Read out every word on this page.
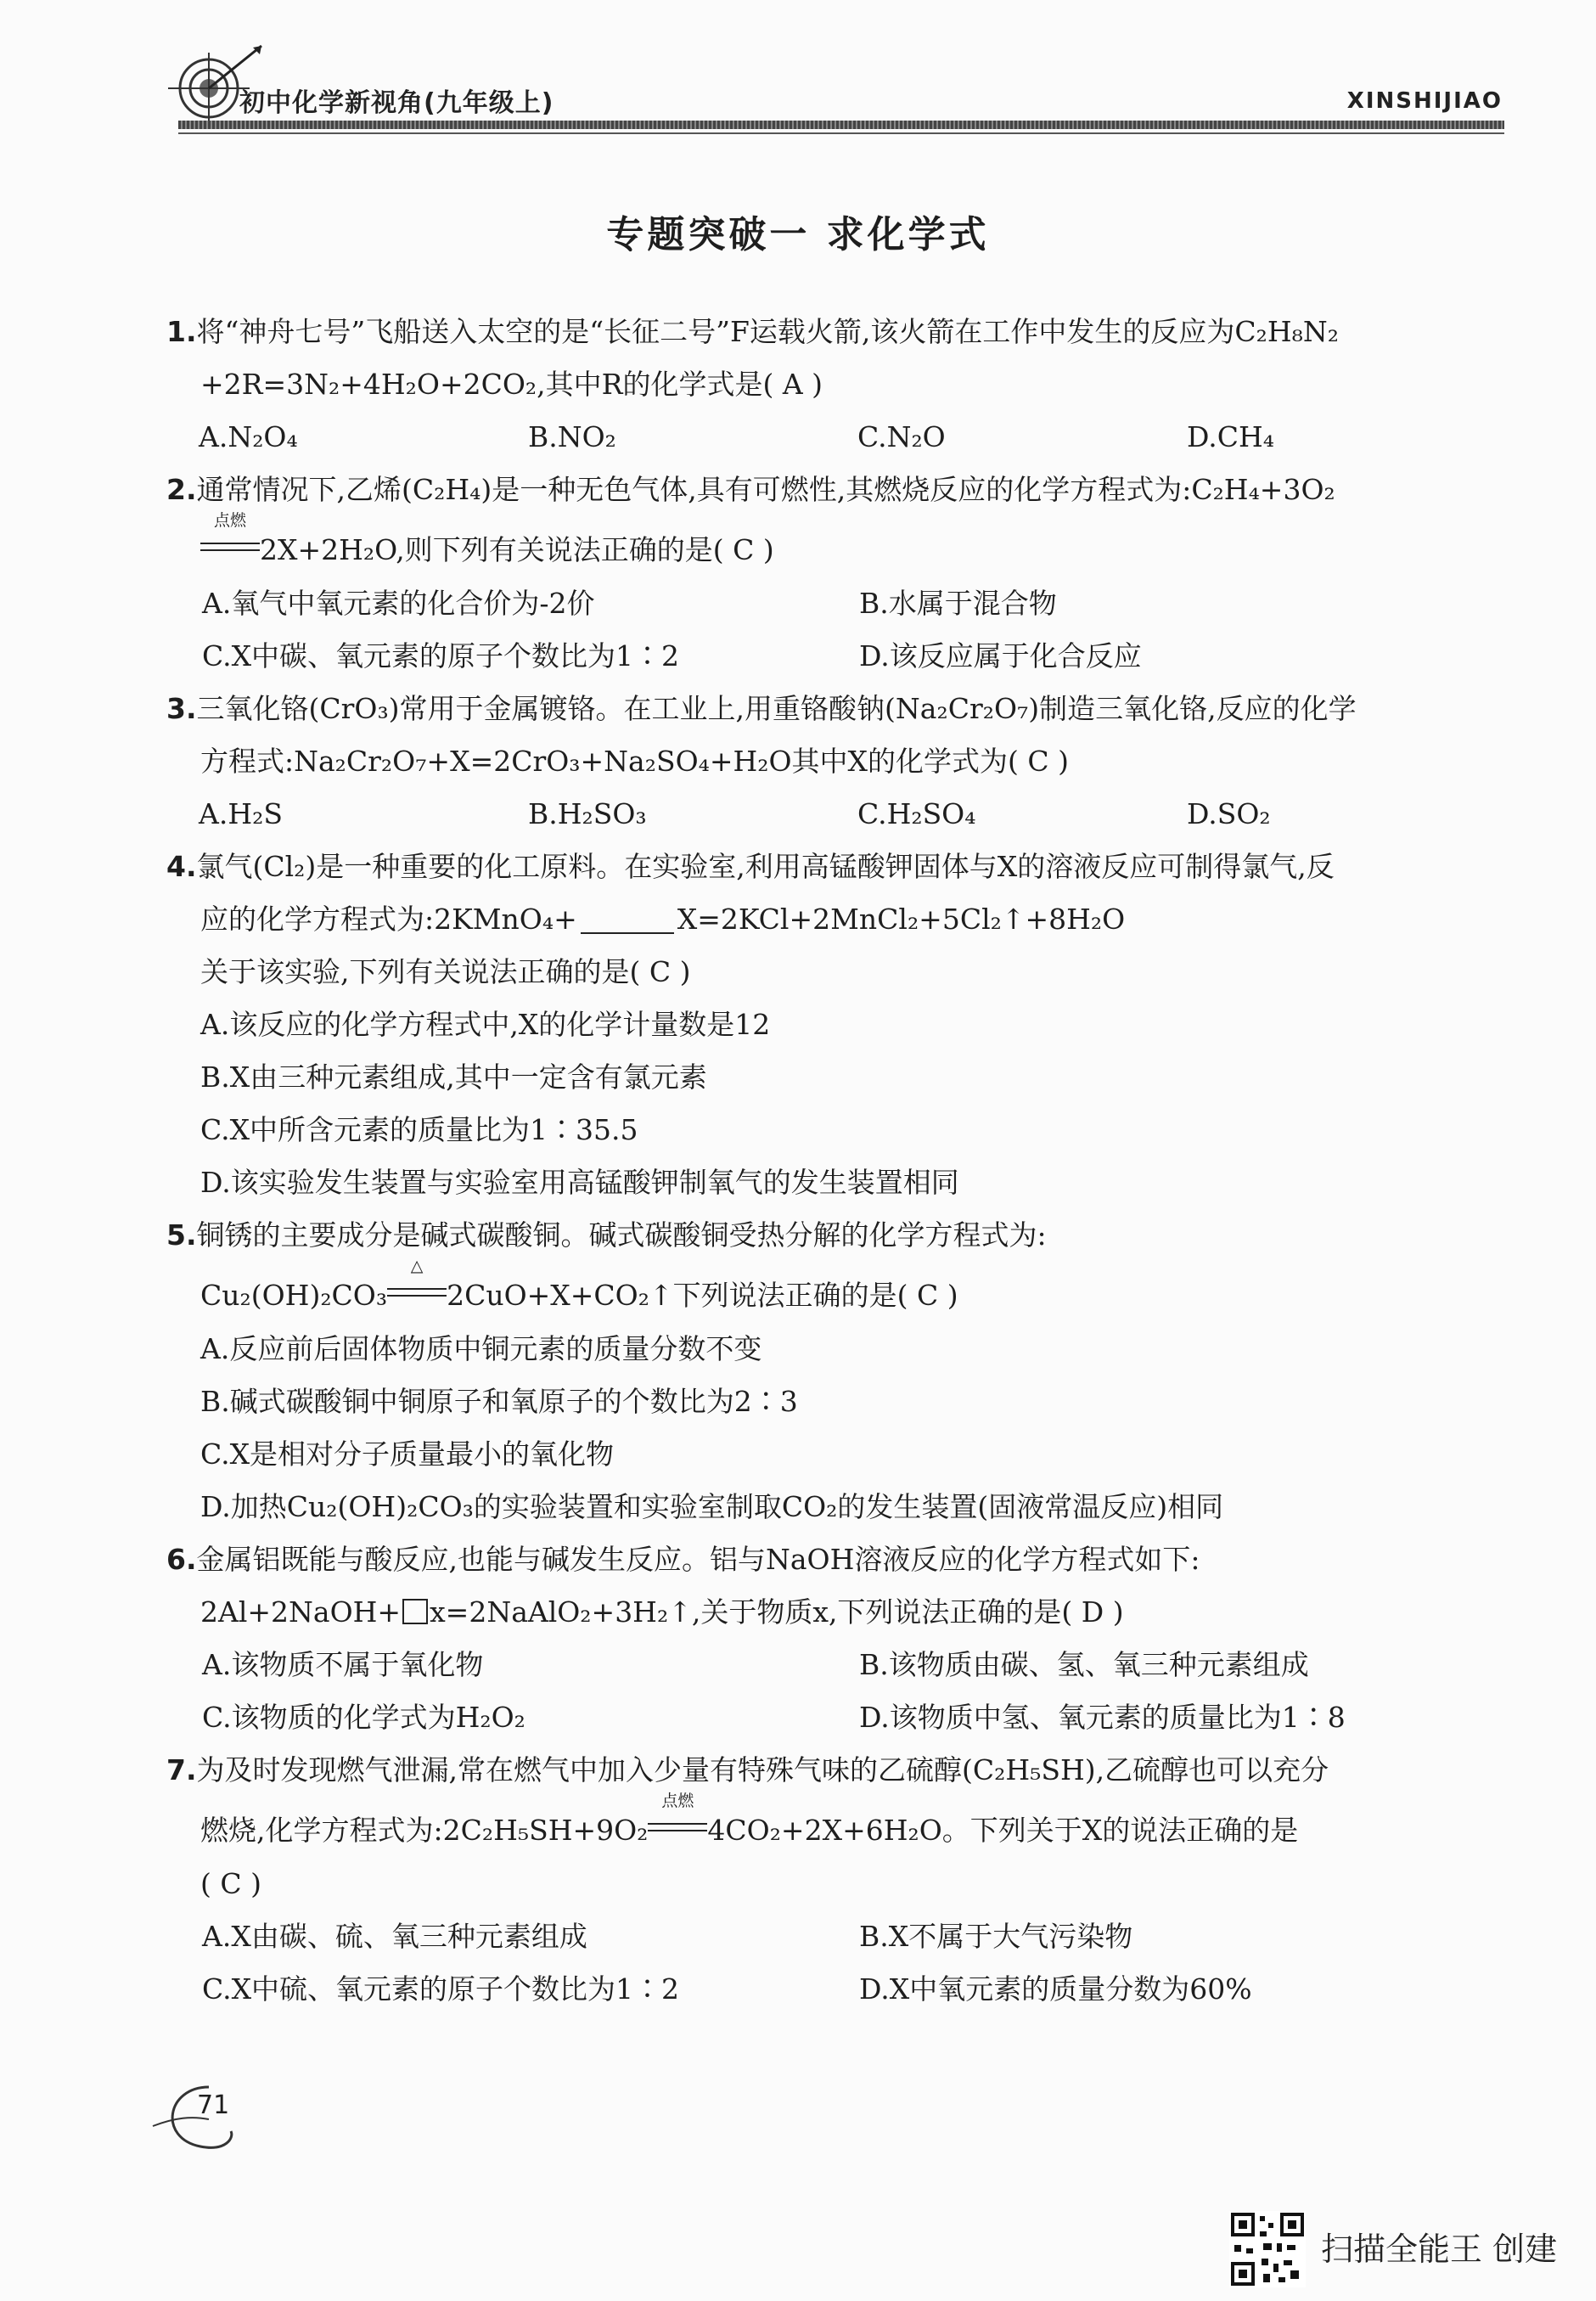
初中化学新视角(九年级上)	XINSHIJIAO
专题突破一 求化学式
1.将“神舟七号”飞船送入太空的是“长征二号”F运载火箭,该火箭在工作中发生的反应为C₂H₈N₂
+2R=3N₂+4H₂O+2CO₂,其中R的化学式是( A )
A.N₂O₄	B.NO₂	C.N₂O	D.CH₄
2.通常情况下,乙烯(C₂H₄)是一种无色气体,具有可燃性,其燃烧反应的化学方程式为:C₂H₄+3O₂
点燃
2X+2H₂O,则下列有关说法正确的是( C )
A.氧气中氧元素的化合价为-2价	B.水属于混合物
C.X中碳、氧元素的原子个数比为1∶2	D.该反应属于化合反应
3.三氧化铬(CrO₃)常用于金属镀铬。在工业上,用重铬酸钠(Na₂Cr₂O₇)制造三氧化铬,反应的化学
方程式:Na₂Cr₂O₇+X=2CrO₃+Na₂SO₄+H₂O其中X的化学式为( C )
A.H₂S	B.H₂SO₃	C.H₂SO₄	D.SO₂
4.氯气(Cl₂)是一种重要的化工原料。在实验室,利用高锰酸钾固体与X的溶液反应可制得氯气,反
应的化学方程式为:2KMnO₄+	X=2KCl+2MnCl₂+5Cl₂↑+8H₂O
关于该实验,下列有关说法正确的是( C )
A.该反应的化学方程式中,X的化学计量数是12
B.X由三种元素组成,其中一定含有氯元素
C.X中所含元素的质量比为1∶35.5
D.该实验发生装置与实验室用高锰酸钾制氧气的发生装置相同
5.铜锈的主要成分是碱式碳酸铜。碱式碳酸铜受热分解的化学方程式为:
Cu₂(OH)₂CO₃
△
2CuO+X+CO₂↑下列说法正确的是( C )
A.反应前后固体物质中铜元素的质量分数不变
B.碱式碳酸铜中铜原子和氧原子的个数比为2∶3
C.X是相对分子质量最小的氧化物
D.加热Cu₂(OH)₂CO₃的实验装置和实验室制取CO₂的发生装置(固液常温反应)相同
6.金属铝既能与酸反应,也能与碱发生反应。铝与NaOH溶液反应的化学方程式如下:
2Al+2NaOH+ x=2NaAlO₂+3H₂↑,关于物质x,下列说法正确的是( D )
A.该物质不属于氧化物	B.该物质由碳、氢、氧三种元素组成
C.该物质的化学式为H₂O₂	D.该物质中氢、氧元素的质量比为1∶8
7.为及时发现燃气泄漏,常在燃气中加入少量有特殊气味的乙硫醇(C₂H₅SH),乙硫醇也可以充分
燃烧,化学方程式为:2C₂H₅SH+9O₂
点燃
4CO₂+2X+6H₂O。下列关于X的说法正确的是
( C )
A.X由碳、硫、氧三种元素组成	B.X不属于大气污染物
C.X中硫、氧元素的原子个数比为1∶2	D.X中氧元素的质量分数为60%
71
扫描全能王 创建
